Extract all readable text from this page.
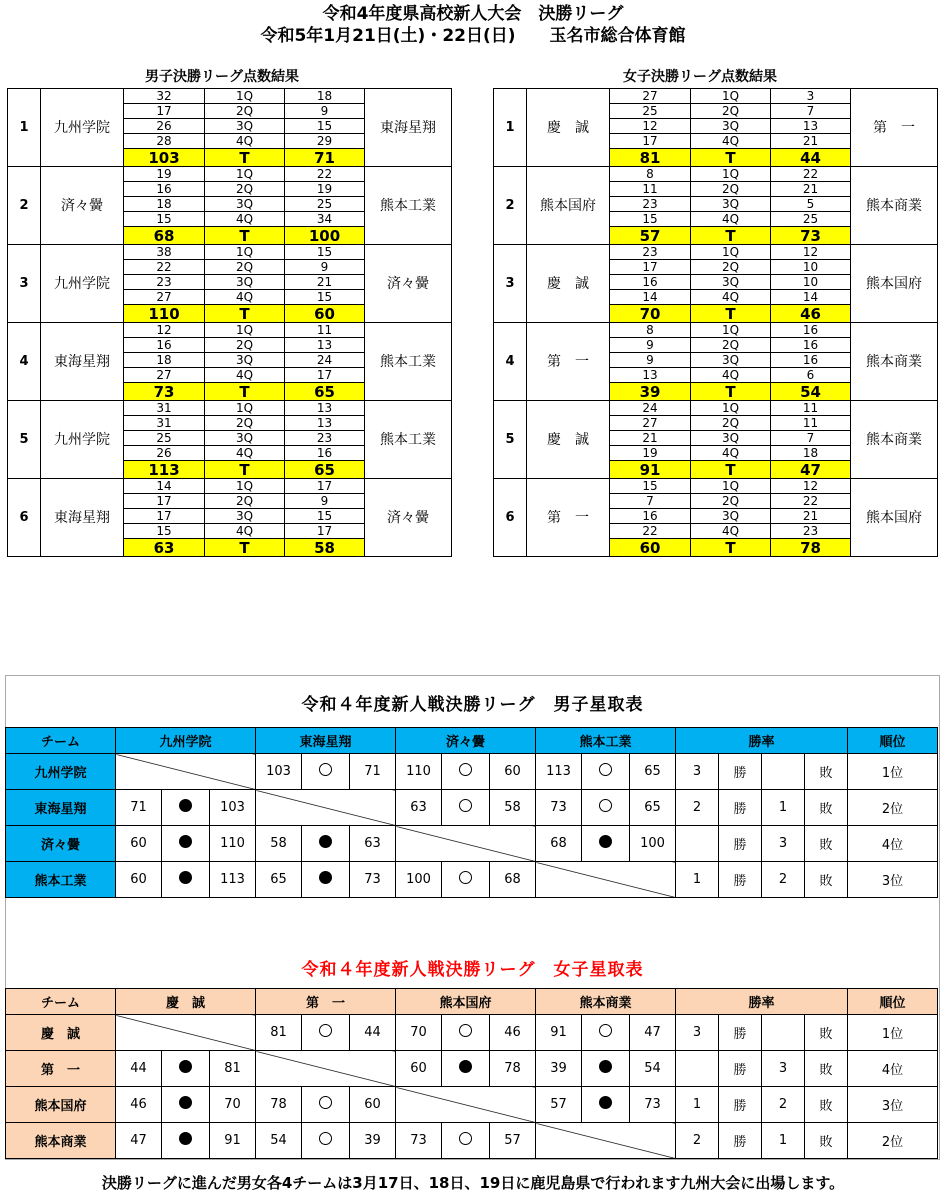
令和4年度県高校新人大会　決勝リーグ
令和5年1月21日(土)・22日(日)　　玉名市総合体育館
男子決勝リーグ点数結果	女子決勝リーグ点数結果
1	九州学院	32	1Q	18	東海星翔
		17	2Q	9	
		26	3Q	15	
		28	4Q	29	
		103	T	71	
2	済々黌	19	1Q	22	熊本工業
		16	2Q	19	
		18	3Q	25	
		15	4Q	34	
		68	T	100	
3	九州学院	38	1Q	15	済々黌
		22	2Q	9	
		23	3Q	21	
		27	4Q	15	
		110	T	60	
4	東海星翔	12	1Q	11	熊本工業
		16	2Q	13	
		18	3Q	24	
		27	4Q	17	
		73	T	65	
5	九州学院	31	1Q	13	熊本工業
		31	2Q	13	
		25	3Q	23	
		26	4Q	16	
		113	T	65	
6	東海星翔	14	1Q	17	済々黌
		17	2Q	9	
		17	3Q	15	
		15	4Q	17	
		63	T	58	
1	慶　誠	27	1Q	3	第　一
		25	2Q	7	
		12	3Q	13	
		17	4Q	21	
		81	T	44	
2	熊本国府	8	1Q	22	熊本商業
		11	2Q	21	
		23	3Q	5	
		15	4Q	25	
		57	T	73	
3	慶　誠	23	1Q	12	熊本国府
		17	2Q	10	
		16	3Q	10	
		14	4Q	14	
		70	T	46	
4	第　一	8	1Q	16	熊本商業
		9	2Q	16	
		9	3Q	16	
		13	4Q	6	
		39	T	54	
5	慶　誠	24	1Q	11	熊本商業
		27	2Q	11	
		21	3Q	7	
		19	4Q	18	
		91	T	47	
6	第　一	15	1Q	12	熊本国府
		7	2Q	22	
		16	3Q	21	
		22	4Q	23	
		60	T	78	
令和４年度新人戦決勝リーグ　男子星取表
チーム	九州学院			東海星翔			済々黌			熊本工業			勝率				順位
九州学院				103		71	110		60	113		65	3	勝		敗	1位
東海星翔	71		103				63		58	73		65	2	勝	1	敗	2位
済々黌	60		110	58		63				68		100		勝	3	敗	4位
熊本工業	60		113	65		73	100		68				1	勝	2	敗	3位
令和４年度新人戦決勝リーグ　女子星取表
チーム	慶　誠			第　一			熊本国府			熊本商業			勝率				順位
慶　誠				81		44	70		46	91		47	3	勝		敗	1位
第　一	44		81				60		78	39		54		勝	3	敗	4位
熊本国府	46		70	78		60				57		73	1	勝	2	敗	3位
熊本商業	47		91	54		39	73		57				2	勝	1	敗	2位
決勝リーグに進んだ男女各4チームは3月17日、18日、19日に鹿児島県で行われます九州大会に出場します。
